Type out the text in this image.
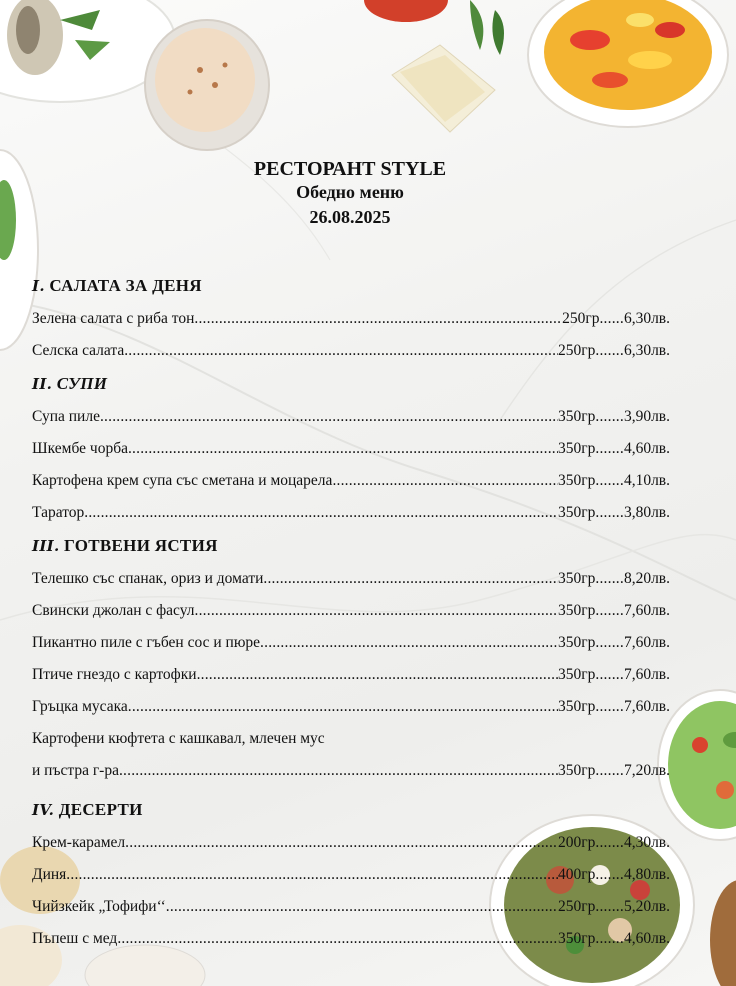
РЕСТОРАНТ STYLE
Обедно меню
26.08.2025
I. САЛАТА ЗА ДЕНЯ
Зелена салата с риба тон .....	250гр ...... 6,30лв.
Селска салата .....	250гр ....... 6,30лв.
II. СУПИ
Супа пиле .....	350гр ....... 3,90лв.
Шкембе чорба .....	350гр ....... 4,60лв.
Картофена крем супа със сметана и моцарела .....	350гр ....... 4,10лв.
Таратор .....	350гр ....... 3,80лв.
III. ГОТВЕНИ ЯСТИЯ
Телешко със спанак, ориз и домати .....	350гр ....... 8,20лв.
Свински джолан с фасул .....	350гр ....... 7,60лв.
Пикантно пиле с гъбен сос и пюре .....	350гр ....... 7,60лв.
Птиче гнездо с картофки .....	350гр ....... 7,60лв.
Гръцка мусака .....	350гр ....... 7,60лв.
Картофени кюфтета с кашкавал, млечен мус
и пъстра г-ра .....	350гр ....... 7,20лв.
IV. ДЕСЕРТИ
Крем-карамел .....	200гр ....... 4,30лв.
Диня .....	400гр ....... 4,80лв.
Чийзкейк „Тофифи‘‘ .....	250гр ....... 5,20лв.
Пъпеш с мед .....	350гр ....... 4,60лв.
